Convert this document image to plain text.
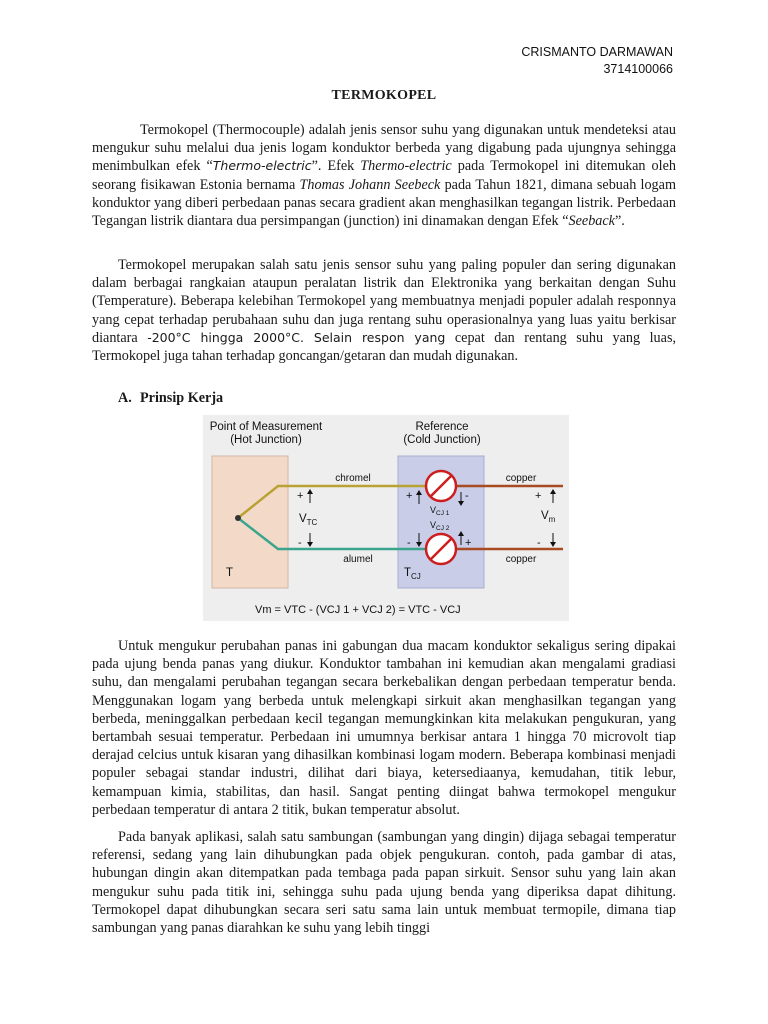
CRISMANTO DARMAWAN
3714100066
TERMOKOPEL

Termokopel (Thermocouple) adalah jenis sensor suhu yang digunakan untuk mendeteksi atau mengukur suhu melalui dua jenis logam konduktor berbeda yang digabung pada ujungnya sehingga menimbulkan efek “Thermo-electric”. Efek Thermo-electric pada Termokopel ini ditemukan oleh seorang fisikawan Estonia bernama Thomas Johann Seebeck pada Tahun 1821, dimana sebuah logam konduktor yang diberi perbedaan panas secara gradient akan menghasilkan tegangan listrik. Perbedaan Tegangan listrik diantara dua persimpangan (junction) ini dinamakan dengan Efek “Seeback”.

Termokopel merupakan salah satu jenis sensor suhu yang paling populer dan sering digunakan dalam berbagai rangkaian ataupun peralatan listrik dan Elektronika yang berkaitan dengan Suhu (Temperature). Beberapa kelebihan Termokopel yang membuatnya menjadi populer adalah responnya yang cepat terhadap perubahaan suhu dan juga rentang suhu operasionalnya yang luas yaitu berkisar diantara -200°C hingga 2000°C. Selain respon yang cepat dan rentang suhu yang luas, Termokopel juga tahan terhadap goncangan/getaran dan mudah digunakan.

A. Prinsip Kerja
Point of Measurement
(Hot Junction)
Reference
(Cold Junction)
chromel
alumel
copper
copper
+
$V_{TC}$
-
+	-
$V_{CJ 1}$
$V_{CJ 2}$
-	+
+
$V_m$
-
T	$T_{CJ}$
Vm = VTC - (VCJ 1 + VCJ 2) = VTC - VCJ

Untuk mengukur perubahan panas ini gabungan dua macam konduktor sekaligus sering dipakai pada ujung benda panas yang diukur. Konduktor tambahan ini kemudian akan mengalami gradiasi suhu, dan mengalami perubahan tegangan secara berkebalikan dengan perbedaan temperatur benda. Menggunakan logam yang berbeda untuk melengkapi sirkuit akan menghasilkan tegangan yang berbeda, meninggalkan perbedaan kecil tegangan memungkinkan kita melakukan pengukuran, yang bertambah sesuai temperatur. Perbedaan ini umumnya berkisar antara 1 hingga 70 microvolt tiap derajad celcius untuk kisaran yang dihasilkan kombinasi logam modern. Beberapa kombinasi menjadi populer sebagai standar industri, dilihat dari biaya, ketersediaanya, kemudahan, titik lebur, kemampuan kimia, stabilitas, dan hasil. Sangat penting diingat bahwa termokopel mengukur perbedaan temperatur di antara 2 titik, bukan temperatur absolut.

Pada banyak aplikasi, salah satu sambungan (sambungan yang dingin) dijaga sebagai temperatur referensi, sedang yang lain dihubungkan pada objek pengukuran. contoh, pada gambar di atas, hubungan dingin akan ditempatkan pada tembaga pada papan sirkuit. Sensor suhu yang lain akan mengukur suhu pada titik ini, sehingga suhu pada ujung benda yang diperiksa dapat dihitung. Termokopel dapat dihubungkan secara seri satu sama lain untuk membuat termopile, dimana tiap sambungan yang panas diarahkan ke suhu yang lebih tinggi
